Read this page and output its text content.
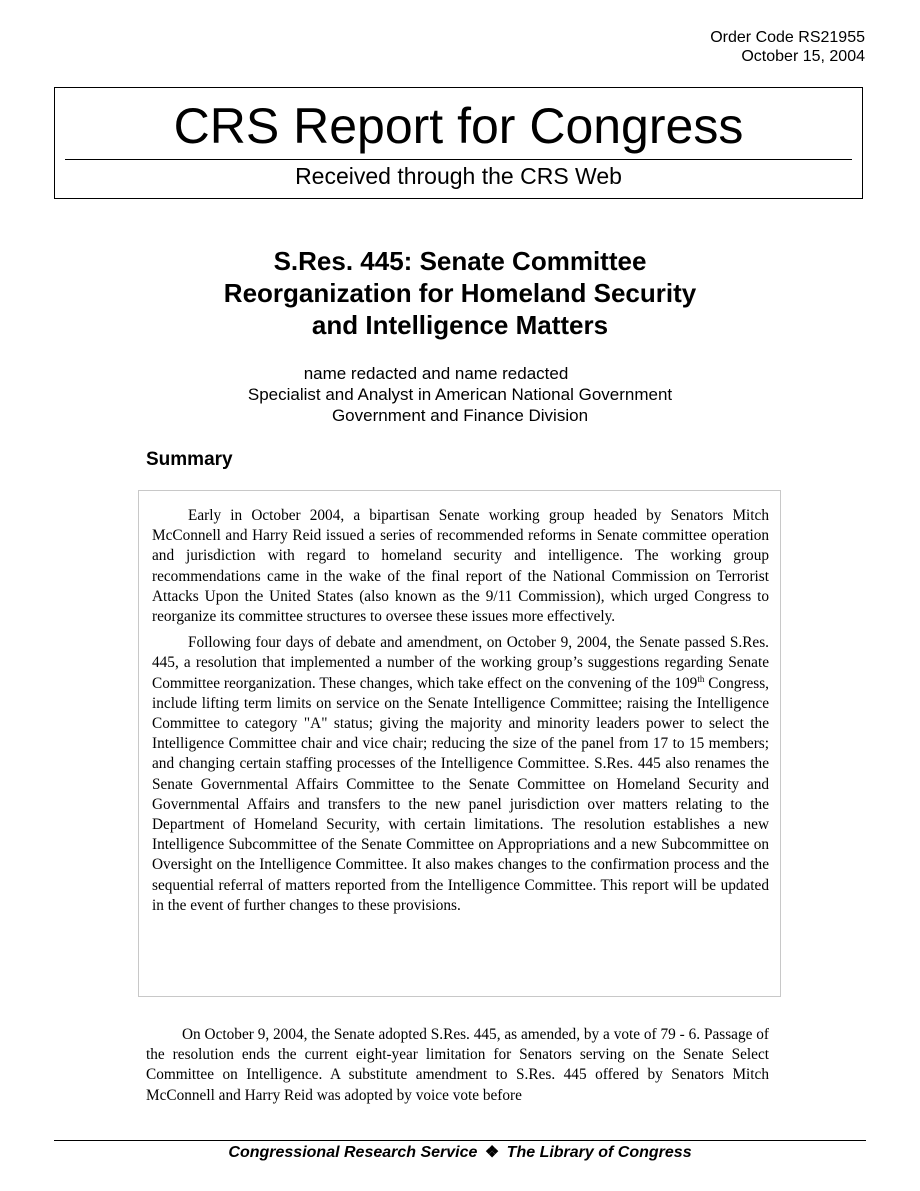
Order Code RS21955
October 15, 2004
CRS Report for Congress
Received through the CRS Web
S.Res. 445: Senate Committee
Reorganization for Homeland Security
and Intelligence Matters
name redacted and name redacted
Specialist and Analyst in American National Government
Government and Finance Division
Summary

Early in October 2004, a bipartisan Senate working group headed by Senators Mitch McConnell and Harry Reid issued a series of recommended reforms in Senate committee operation and jurisdiction with regard to homeland security and intelligence. The working group recommendations came in the wake of the final report of the National Commission on Terrorist Attacks Upon the United States (also known as the 9/11 Commission), which urged Congress to reorganize its committee structures to oversee these issues more effectively.

Following four days of debate and amendment, on October 9, 2004, the Senate passed S.Res. 445, a resolution that implemented a number of the working group’s suggestions regarding Senate Committee reorganization. These changes, which take effect on the convening of the 109th Congress, include lifting term limits on service on the Senate Intelligence Committee; raising the Intelligence Committee to category "A" status; giving the majority and minority leaders power to select the Intelligence Committee chair and vice chair; reducing the size of the panel from 17 to 15 members; and changing certain staffing processes of the Intelligence Committee. S.Res. 445 also renames the Senate Governmental Affairs Committee to the Senate Committee on Homeland Security and Governmental Affairs and transfers to the new panel jurisdiction over matters relating to the Department of Homeland Security, with certain limitations. The resolution establishes a new Intelligence Subcommittee of the Senate Committee on Appropriations and a new Subcommittee on Oversight on the Intelligence Committee. It also makes changes to the confirmation process and the sequential referral of matters reported from the Intelligence Committee. This report will be updated in the event of further changes to these provisions.

On October 9, 2004, the Senate adopted S.Res. 445, as amended, by a vote of 79 - 6. Passage of the resolution ends the current eight-year limitation for Senators serving on the Senate Select Committee on Intelligence. A substitute amendment to S.Res. 445 offered by Senators Mitch McConnell and Harry Reid was adopted by voice vote before

Congressional Research Service ❖ The Library of Congress
